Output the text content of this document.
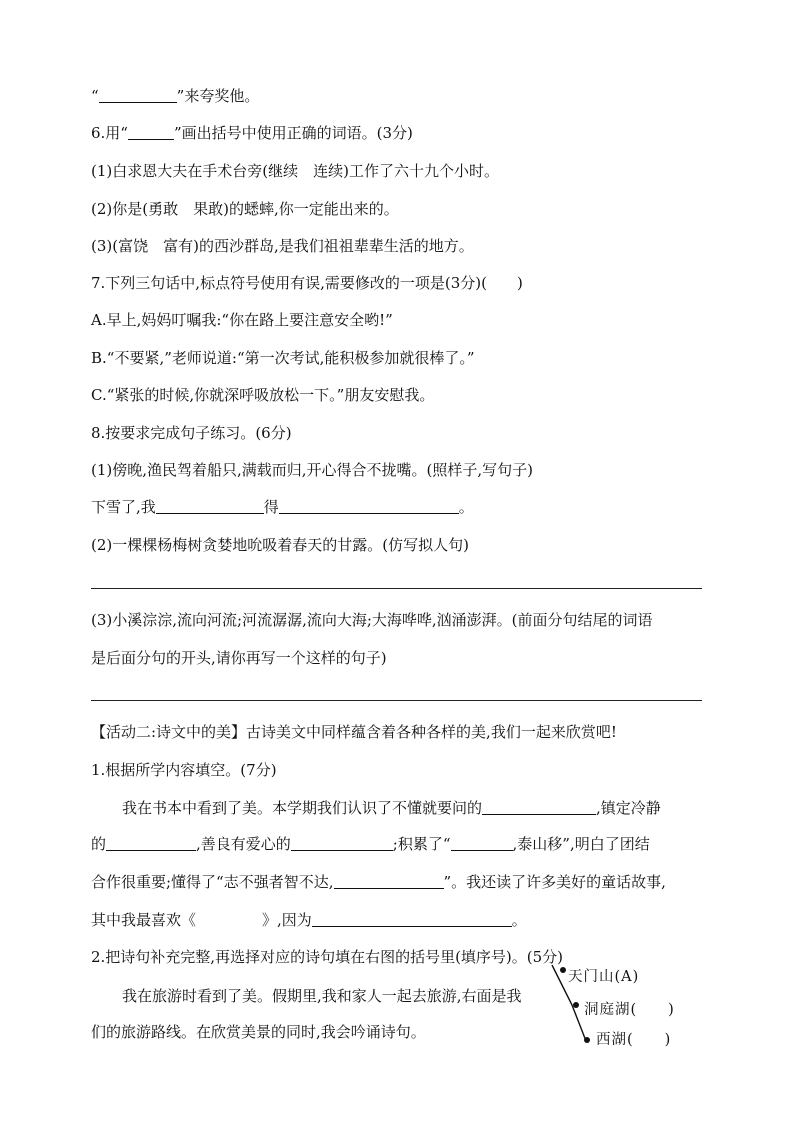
“	”来夸奖他。
6.用“	”画出括号中使用正确的词语。(3分)
(1)白求恩大夫在手术台旁(继续　连续)工作了六十九个小时。
(2)你是(勇敢　果敢)的蟋蟀,你一定能出来的。
(3)(富饶　富有)的西沙群岛,是我们祖祖辈辈生活的地方。
7.下列三句话中,标点符号使用有误,需要修改的一项是(3分)(　　)
A.早上,妈妈叮嘱我:“你在路上要注意安全哟!”
B.“不要紧,”老师说道:“第一次考试,能积极参加就很棒了。”
C.“紧张的时候,你就深呼吸放松一下。”朋友安慰我。
8.按要求完成句子练习。(6分)
(1)傍晚,渔民驾着船只,满载而归,开心得合不拢嘴。(照样子,写句子)
下雪了,我	得	。
(2)一棵棵杨梅树贪婪地吮吸着春天的甘露。(仿写拟人句)
(3)小溪淙淙,流向河流;河流潺潺,流向大海;大海哗哗,汹涌澎湃。(前面分句结尾的词语
是后面分句的开头,请你再写一个这样的句子)
【活动二:诗文中的美】古诗美文中同样蕴含着各种各样的美,我们一起来欣赏吧!
1.根据所学内容填空。(7分)
我在书本中看到了美。本学期我们认识了不懂就要问的	,镇定冷静
的	,善良有爱心的	;积累了“	,泰山移”,明白了团结
合作很重要;懂得了“志不强者智不达,	”。我还读了许多美好的童话故事,
其中我最喜欢《	》,因为	。
2.把诗句补充完整,再选择对应的诗句填在右图的括号里(填序号)。(5分)
我在旅游时看到了美。假期里,我和家人一起去旅游,右面是我
们的旅游路线。在欣赏美景的同时,我会吟诵诗句。
天门山(A)
洞庭湖(　　)
西湖(　　)
